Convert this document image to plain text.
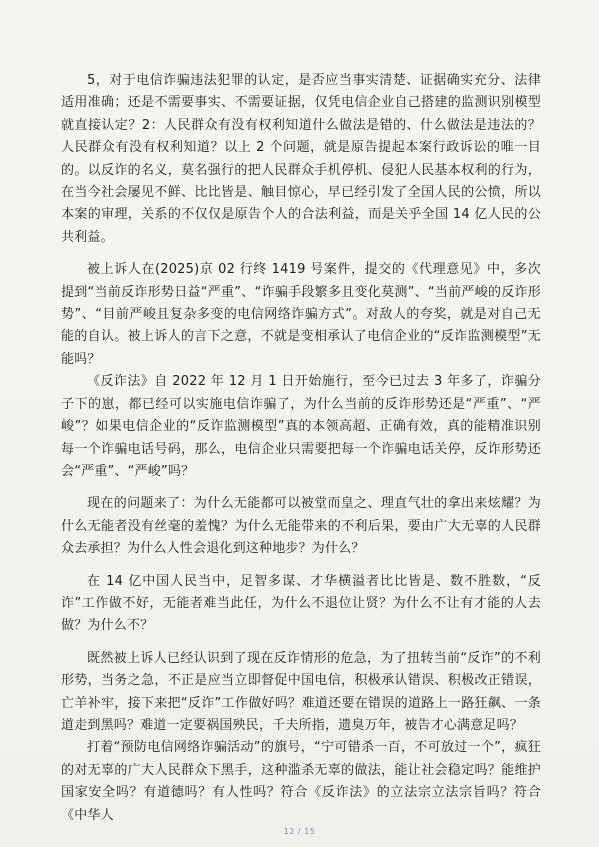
5，对于电信诈骗违法犯罪的认定，是否应当事实清楚、证据确实充分、法律适用准确；还是不需要事实、不需要证据，仅凭电信企业自己搭建的监测识别模型就直接认定？2：人民群众有没有权利知道什么做法是错的、什么做法是违法的？人民群众有没有权利知道？以上 2 个问题，就是原告提起本案行政诉讼的唯一目的。以反诈的名义，莫名强行的把人民群众手机停机、侵犯人民基本权利的行为，在当今社会屡见不鲜、比比皆是、触目惊心，早已经引发了全国人民的公愤，所以本案的审理，关系的不仅仅是原告个人的合法利益，而是关乎全国 14 亿人民的公共利益。

被上诉人在(2025)京 02 行终 1419 号案件，提交的《代理意见》中，多次提到“当前反诈形势日益“严重”、“诈骗手段繁多且变化莫测”、“当前严峻的反诈形势”、“目前严峻且复杂多变的电信网络诈骗方式”。对敌人的夸奖，就是对自己无能的自认。被上诉人的言下之意，不就是变相承认了电信企业的“反诈监测模型”无能吗？

《反诈法》自 2022 年 12 月 1 日开始施行，至今已过去 3 年多了，诈骗分子下的崽，都已经可以实施电信诈骗了，为什么当前的反诈形势还是“严重”、“严峻”？如果电信企业的“反诈监测模型”真的本领高超、正确有效，真的能精准识别每一个诈骗电话号码，那么，电信企业只需要把每一个诈骗电话关停，反诈形势还会“严重”、“严峻”吗？

现在的问题来了：为什么无能都可以被堂而皇之、理直气壮的拿出来炫耀？为什么无能者没有丝毫的羞愧？为什么无能带来的不利后果，要由广大无辜的人民群众去承担？为什么人性会退化到这种地步？为什么？

在 14 亿中国人民当中，足智多谋、才华横溢者比比皆是、数不胜数，“反诈”工作做不好，无能者难当此任，为什么不退位让贤？为什么不让有才能的人去做？为什么不？

既然被上诉人已经认识到了现在反诈情形的危急，为了扭转当前“反诈”的不利形势，当务之急，不正是应当立即督促中国电信，积极承认错误、积极改正错误，亡羊补牢，接下来把“反诈”工作做好吗？难道还要在错误的道路上一路狂飙、一条道走到黑吗？难道一定要祸国殃民，千夫所指，遗臭万年，被告才心满意足吗？

打着“预防电信网络诈骗活动”的旗号，“宁可错杀一百，不可放过一个”，疯狂的对无辜的广大人民群众下黑手，这种滥杀无辜的做法，能让社会稳定吗？能维护国家安全吗？有道德吗？有人性吗？符合《反诈法》的立法宗立法宗旨吗？符合《中华人

12 / 15
